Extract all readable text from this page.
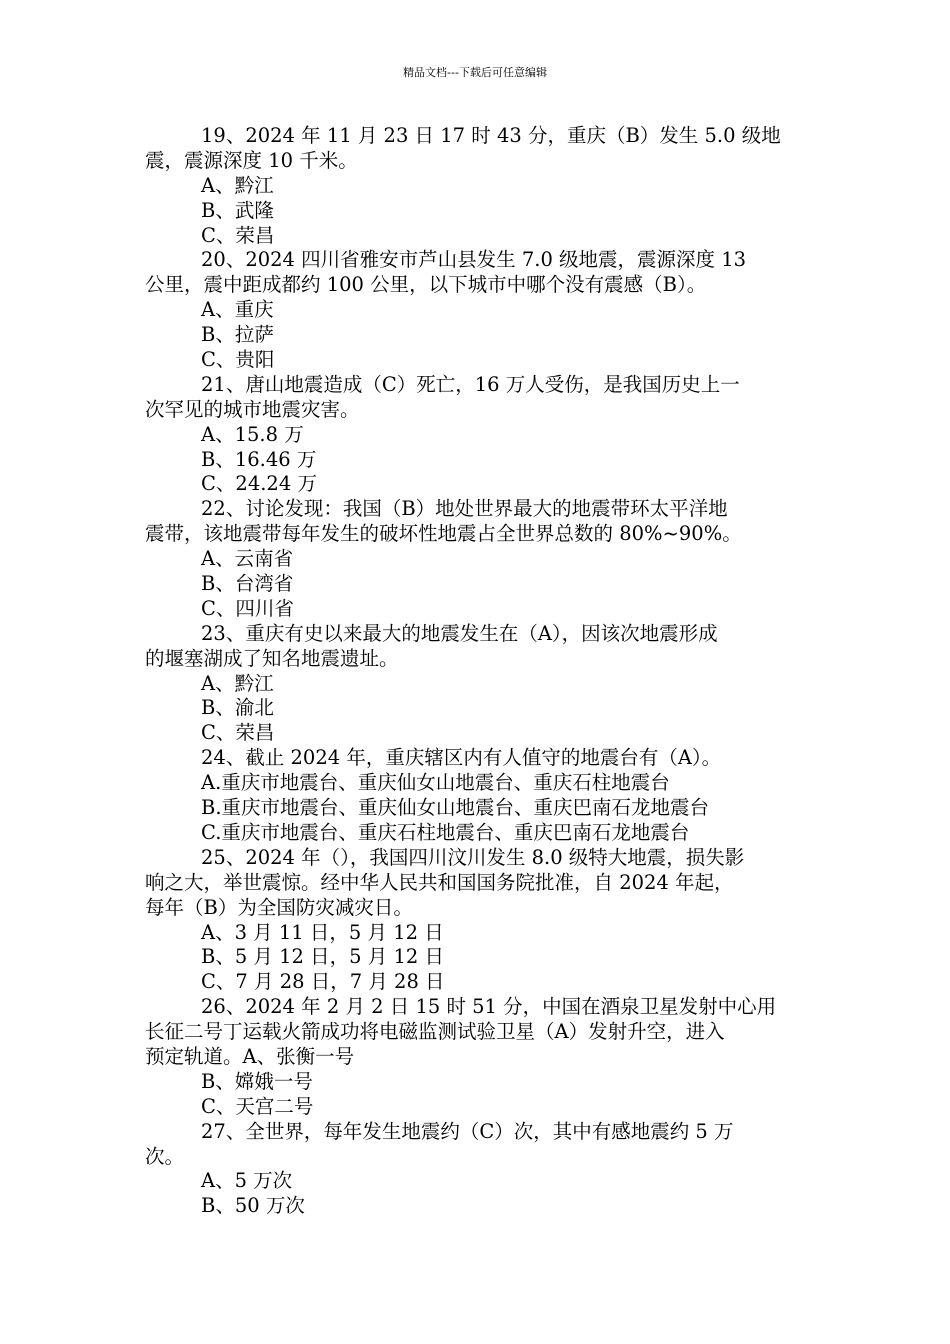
精品文档---下载后可任意编辑
19、2024 年 11 月 23 日 17 时 43 分，重庆（B）发生 5.0 级地
震，震源深度 10 千米。
A、黔江
B、武隆
C、荣昌
20、2024 四川省雅安市芦山县发生 7.0 级地震，震源深度 13
公里，震中距成都约 100 公里，以下城市中哪个没有震感（B）。
A、重庆
B、拉萨
C、贵阳
21、唐山地震造成（C）死亡，16 万人受伤，是我国历史上一
次罕见的城市地震灾害。
A、15.8 万
B、16.46 万
C、24.24 万
22、讨论发现：我国（B）地处世界最大的地震带环太平洋地
震带，该地震带每年发生的破坏性地震占全世界总数的 80%~90%。
A、云南省
B、台湾省
C、四川省
23、重庆有史以来最大的地震发生在（A），因该次地震形成
的堰塞湖成了知名地震遗址。
A、黔江
B、渝北
C、荣昌
24、截止 2024 年，重庆辖区内有人值守的地震台有（A）。
A.重庆市地震台、重庆仙女山地震台、重庆石柱地震台
B.重庆市地震台、重庆仙女山地震台、重庆巴南石龙地震台
C.重庆市地震台、重庆石柱地震台、重庆巴南石龙地震台
25、2024 年（），我国四川汶川发生 8.0 级特大地震，损失影
响之大，举世震惊。经中华人民共和国国务院批准，自 2024 年起，
每年（B）为全国防灾减灾日。
A、3 月 11 日，5 月 12 日
B、5 月 12 日，5 月 12 日
C、7 月 28 日，7 月 28 日
26、2024 年 2 月 2 日 15 时 51 分，中国在酒泉卫星发射中心用
长征二号丁运载火箭成功将电磁监测试验卫星（A）发射升空，进入
预定轨道。A、张衡一号
B、嫦娥一号
C、天宫二号
27、全世界，每年发生地震约（C）次，其中有感地震约 5 万
次。
A、5 万次
B、50 万次
